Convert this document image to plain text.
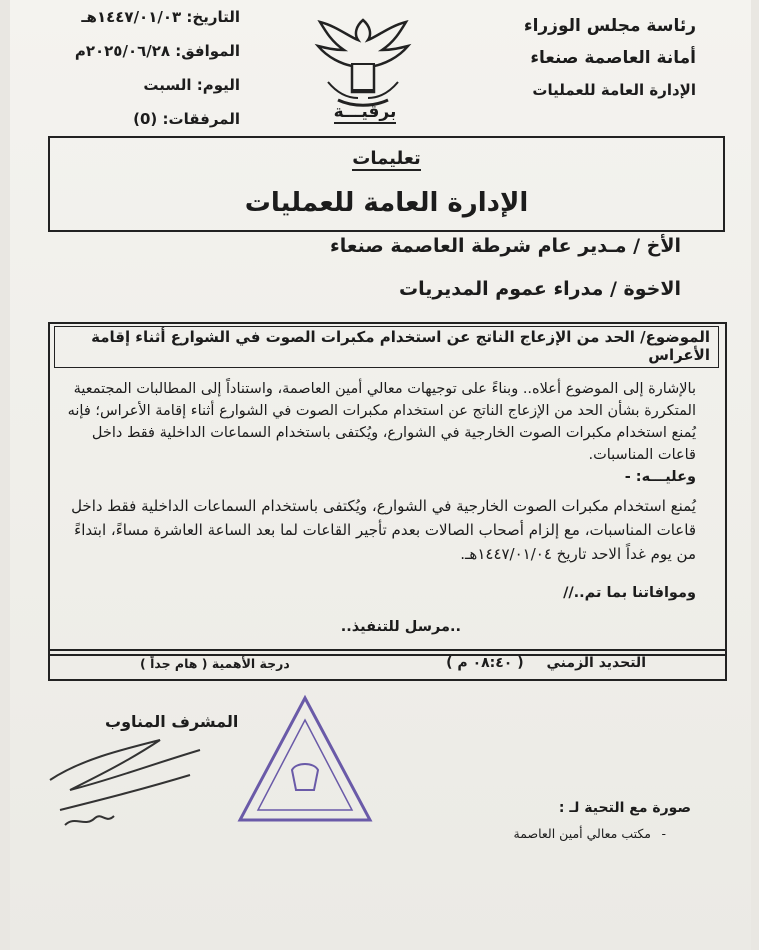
رئاسة مجلس الوزراء
أمانة العاصمة صنعاء
الإدارة العامة للعمليات
التاريخ: ١٤٤٧/٠١/٠٣هـ
الموافق: ٢٠٢٥/٠٦/٢٨م
اليوم: السبت
المرفقات: (0)	برقيـــة
تعليمات
الإدارة العامة للعمليات
الأخ / مـدير عام شرطة العاصمة صنعاء
الاخوة / مدراء عموم المديريات
الموضوع/ الحد من الإزعاج الناتج عن استخدام مكبرات الصوت في الشوارع أثناء إقامة الأعراس
بالإشارة إلى الموضوع أعلاه.. وبناءً على توجيهات معالي أمين العاصمة، واستناداً إلى المطالبات المجتمعية المتكررة بشأن الحد من الإزعاج الناتج عن استخدام مكبرات الصوت في الشوارع أثناء إقامة الأعراس؛ فإنه يُمنع استخدام مكبرات الصوت الخارجية في الشوارع، ويُكتفى باستخدام السماعات الداخلية فقط داخل قاعات المناسبات.
وعليـــه: -
يُمنع استخدام مكبرات الصوت الخارجية في الشوارع، ويُكتفى باستخدام السماعات الداخلية فقط داخل قاعات المناسبات، مع إلزام أصحاب الصالات بعدم تأجير القاعات لما بعد الساعة العاشرة مساءً، ابتداءً من يوم غداً الاحد تاريخ ١٤٤٧/٠١/٠٤هـ.
وموافاتنا بما تم..//
..مرسل للتنفيذ..
التحديد الزمني ( ٠٨:٤٠ م )
درجة الأهمية ( هام جداً )
المشرف المناوب
صورة مع التحية لـ :
-
مكتب معالي أمين العاصمة
